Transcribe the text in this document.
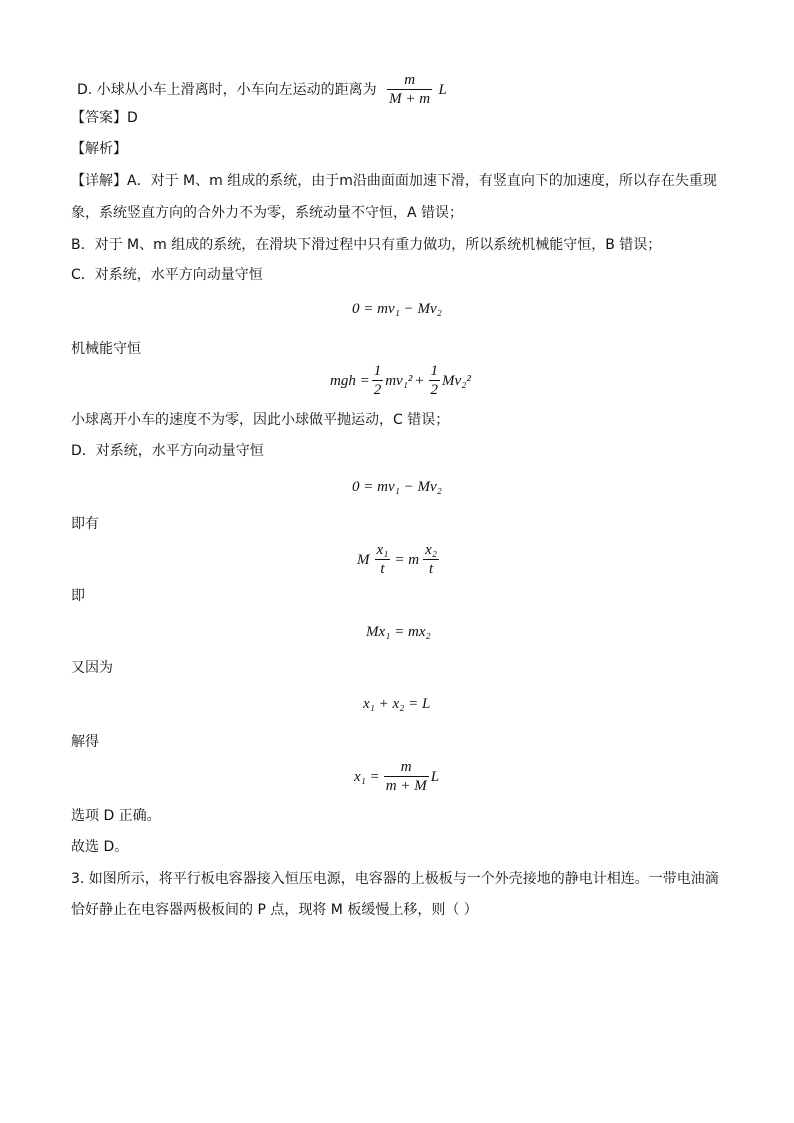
D. 小球从小车上滑离时，小车向左运动的距离为 $\frac{m}{M + m}$ L
【答案】D
【解析】
【详解】A．对于 M、m 组成的系统，由于m沿曲面面加速下滑，有竖直向下的加速度，所以存在失重现
象，系统竖直方向的合外力不为零，系统动量不守恒，A 错误；
B．对于 M、m 组成的系统，在滑块下滑过程中只有重力做功，所以系统机械能守恒，B 错误；
C．对系统，水平方向动量守恒
0 = mv₁ − Mv₂
机械能守恒
mgh = $\frac{1}{2} mv_1^2 + \frac{1}{2} Mv_2^2$
小球离开小车的速度不为零，因此小球做平抛运动，C 错误；
D．对系统，水平方向动量守恒
0 = mv₁ − Mv₂
即有
M $\frac{\text{x₁}}{t} = m \frac{\text{x₂}}{t}$
即
Mx₁ = mx₂
又因为
x₁ + x₂ = L
解得
$x_1 = \frac{m}{m + M}$ L
选项 D 正确。
故选 D。
3. 如图所示，将平行板电容器接入恒压电源，电容器的上极板与一个外壳接地的静电计相连。一带电油滴
恰好静止在电容器两极板间的 P 点，现将 M 板缓慢上移，则（ ）
